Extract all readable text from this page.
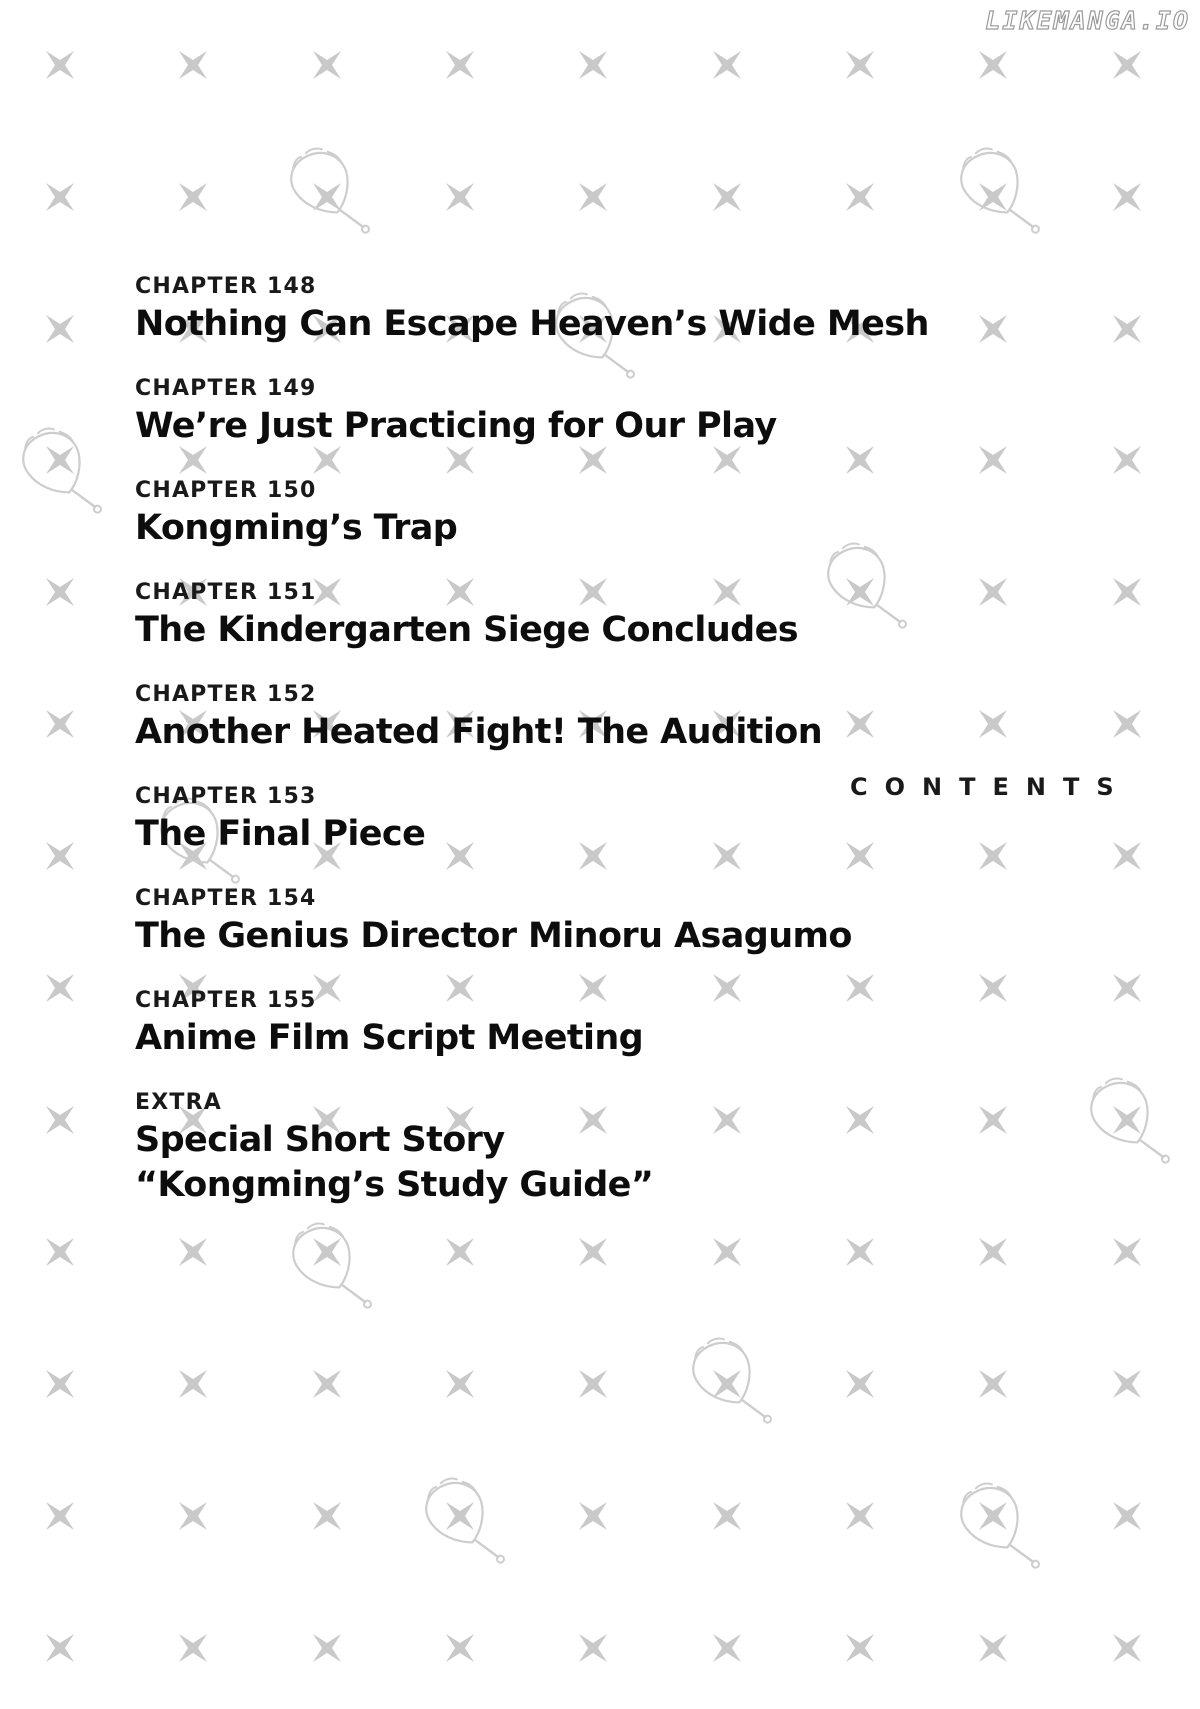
LIKEMANGA.IO
CONTENTS
CHAPTER 148
Nothing Can Escape Heaven’s Wide Mesh
CHAPTER 149
We’re Just Practicing for Our Play
CHAPTER 150
Kongming’s Trap
CHAPTER 151
The Kindergarten Siege Concludes
CHAPTER 152
Another Heated Fight! The Audition
CHAPTER 153
The Final Piece
CHAPTER 154
The Genius Director Minoru Asagumo
CHAPTER 155
Anime Film Script Meeting
EXTRA
Special Short Story
“Kongming’s Study Guide”
